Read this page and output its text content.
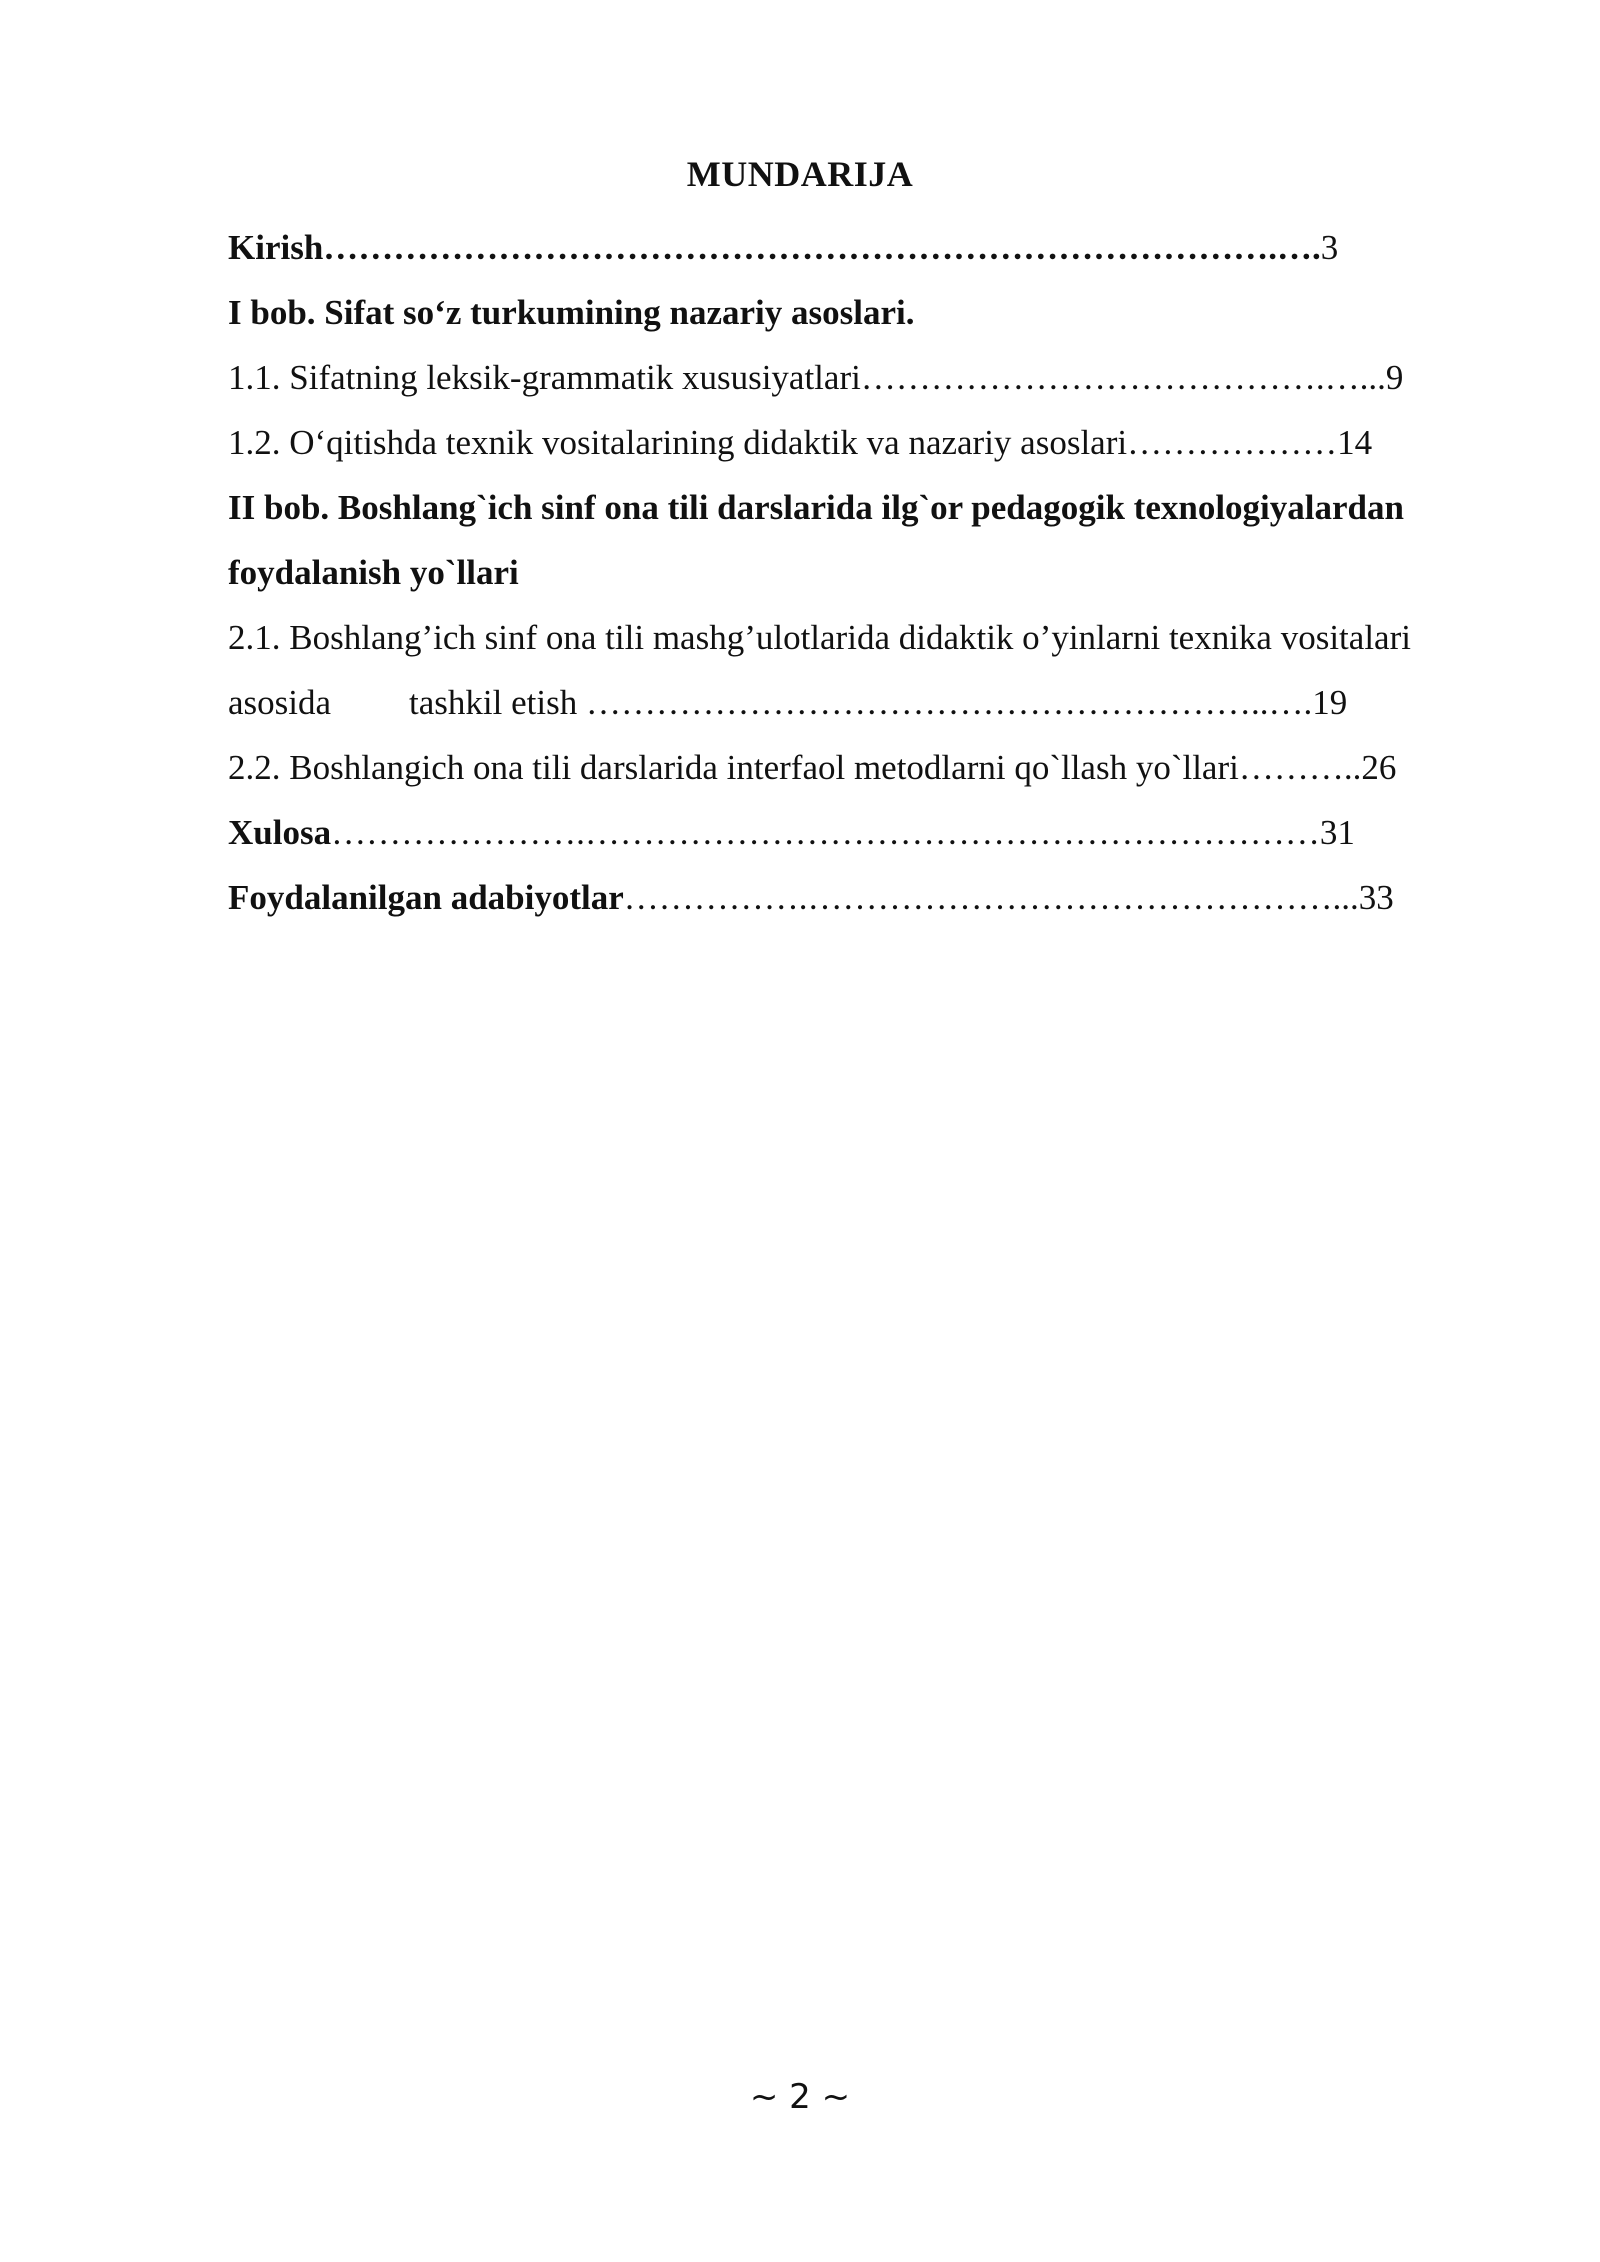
MUNDARIJA
Kirish……………………………………………………………………….….3
I bob. Sifat so‘z turkumining nazariy asoslari.
1.1. Sifatning leksik-grammatik xususiyatlari………………………………….…...9
1.2. O‘qitishda texnik vositalarining didaktik va nazariy asoslari………………14
II bob. Boshlang`ich sinf ona tili darslarida ilg`or pedagogik texnologiyalardan
foydalanish yo`llari
2.1. Boshlang’ich sinf ona tili mashg’ulotlarida didaktik o’yinlarni texnika vositalari
asosida tashkil etish …………………………………………………..….19
2.2. Boshlangich ona tili darslarida interfaol metodlarni qo`llash yo`llari………..26
Xulosa………………….………………………………………………………31
Foydalanilgan adabiyotlar…………….………………………………………...33
~ 2 ~
